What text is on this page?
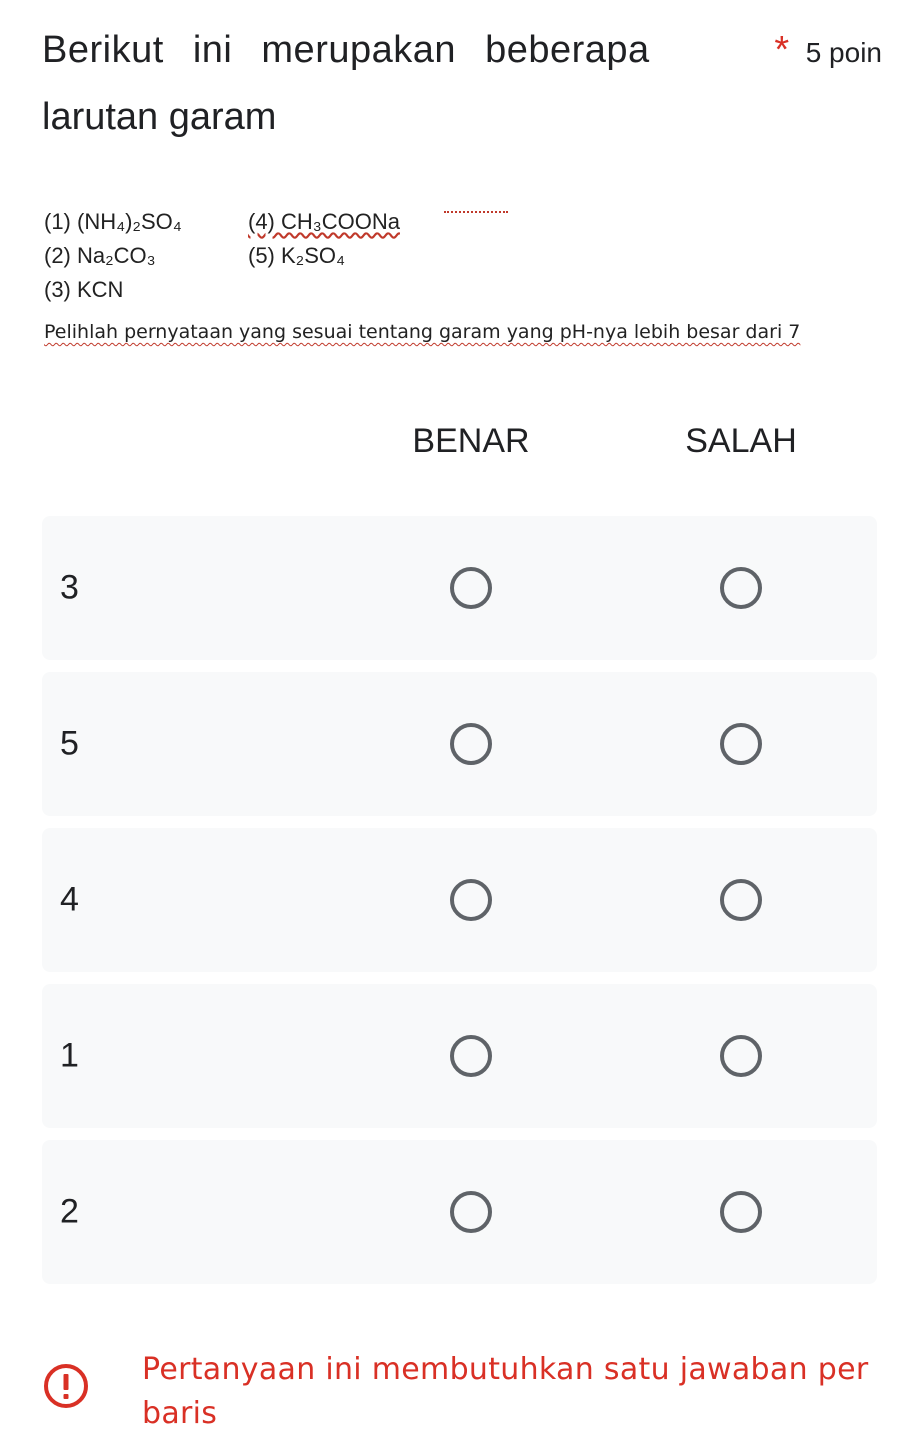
Berikut ini merupakan beberapa	* 5 poin
larutan garam
(1) (NH₄)₂SO₄	(4) CH₃COONa
(2) Na₂CO₃	(5) K₂SO₄
(3) KCN
Pelihlah pernyataan yang sesuai tentang garam yang pH-nya lebih besar dari 7
BENAR	SALAH
3
5
4
1
2
Pertanyaan ini membutuhkan satu jawaban per baris
